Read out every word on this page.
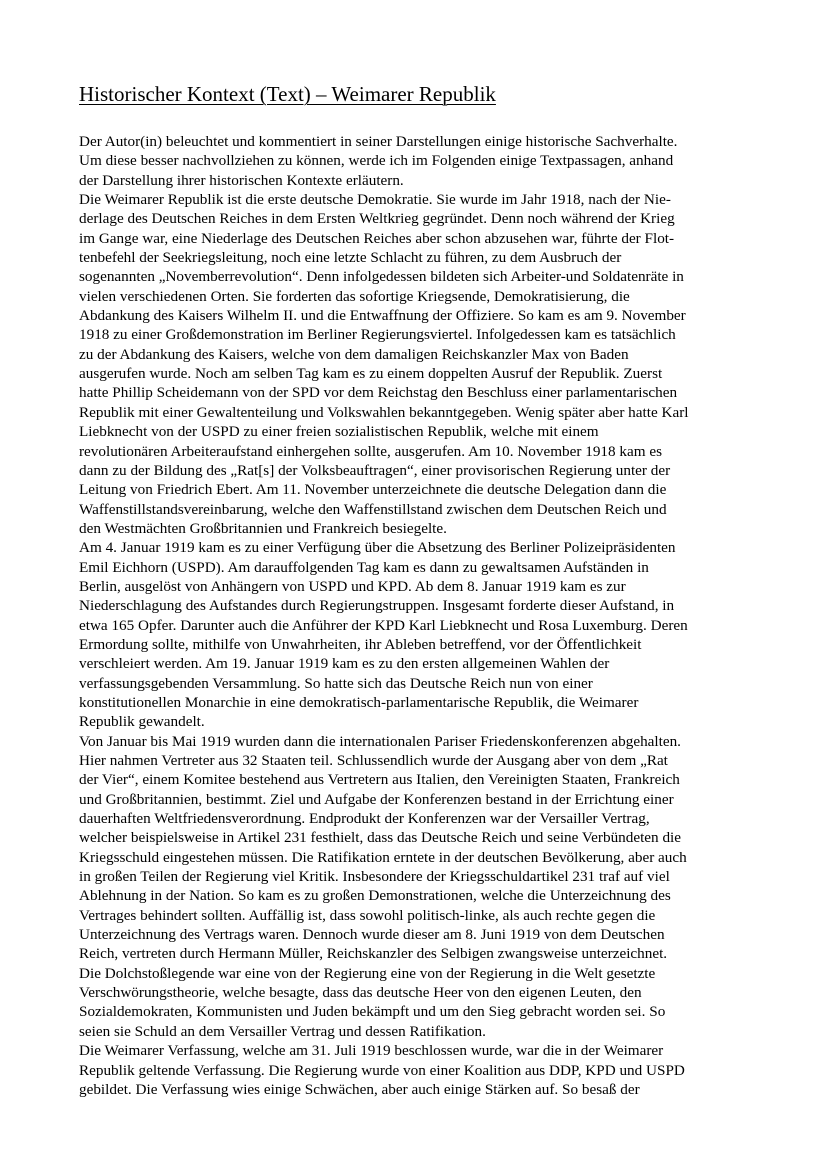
Historischer Kontext (Text) – Weimarer Republik
Der Autor(in) beleuchtet und kommentiert in seiner Darstellungen einige historische Sachverhalte.
Um diese besser nachvollziehen zu können, werde ich im Folgenden einige Textpassagen, anhand
der Darstellung ihrer historischen Kontexte erläutern.
Die Weimarer Republik ist die erste deutsche Demokratie. Sie wurde im Jahr 1918, nach der Nie-
derlage des Deutschen Reiches in dem Ersten Weltkrieg gegründet. Denn noch während der Krieg
im Gange war, eine Niederlage des Deutschen Reiches aber schon abzusehen war, führte der Flot-
tenbefehl der Seekriegsleitung, noch eine letzte Schlacht zu führen, zu dem Ausbruch der
sogenannten „Novemberrevolution“. Denn infolgedessen bildeten sich Arbeiter-und Soldatenräte in
vielen verschiedenen Orten. Sie forderten das sofortige Kriegsende, Demokratisierung, die
Abdankung des Kaisers Wilhelm II. und die Entwaffnung der Offiziere. So kam es am 9. November
1918 zu einer Großdemonstration im Berliner Regierungsviertel. Infolgedessen kam es tatsächlich
zu der Abdankung des Kaisers, welche von dem damaligen Reichskanzler Max von Baden
ausgerufen wurde. Noch am selben Tag kam es zu einem doppelten Ausruf der Republik. Zuerst
hatte Phillip Scheidemann von der SPD vor dem Reichstag den Beschluss einer parlamentarischen
Republik mit einer Gewaltenteilung und Volkswahlen bekanntgegeben. Wenig später aber hatte Karl
Liebknecht von der USPD zu einer freien sozialistischen Republik, welche mit einem
revolutionären Arbeiteraufstand einhergehen sollte, ausgerufen. Am 10. November 1918 kam es
dann zu der Bildung des „Rat[s] der Volksbeauftragen“, einer provisorischen Regierung unter der
Leitung von Friedrich Ebert. Am 11. November unterzeichnete die deutsche Delegation dann die
Waffenstillstandsvereinbarung, welche den Waffenstillstand zwischen dem Deutschen Reich und
den Westmächten Großbritannien und Frankreich besiegelte.
Am 4. Januar 1919 kam es zu einer Verfügung über die Absetzung des Berliner Polizeipräsidenten
Emil Eichhorn (USPD). Am darauffolgenden Tag kam es dann zu gewaltsamen Aufständen in
Berlin, ausgelöst von Anhängern von USPD und KPD. Ab dem 8. Januar 1919 kam es zur
Niederschlagung des Aufstandes durch Regierungstruppen. Insgesamt forderte dieser Aufstand, in
etwa 165 Opfer. Darunter auch die Anführer der KPD Karl Liebknecht und Rosa Luxemburg. Deren
Ermordung sollte, mithilfe von Unwahrheiten, ihr Ableben betreffend, vor der Öffentlichkeit
verschleiert werden. Am 19. Januar 1919 kam es zu den ersten allgemeinen Wahlen der
verfassungsgebenden Versammlung. So hatte sich das Deutsche Reich nun von einer
konstitutionellen Monarchie in eine demokratisch-parlamentarische Republik, die Weimarer
Republik gewandelt.
Von Januar bis Mai 1919 wurden dann die internationalen Pariser Friedenskonferenzen abgehalten.
Hier nahmen Vertreter aus 32 Staaten teil. Schlussendlich wurde der Ausgang aber von dem „Rat
der Vier“, einem Komitee bestehend aus Vertretern aus Italien, den Vereinigten Staaten, Frankreich
und Großbritannien, bestimmt. Ziel und Aufgabe der Konferenzen bestand in der Errichtung einer
dauerhaften Weltfriedensverordnung. Endprodukt der Konferenzen war der Versailler Vertrag,
welcher beispielsweise in Artikel 231 festhielt, dass das Deutsche Reich und seine Verbündeten die
Kriegsschuld eingestehen müssen. Die Ratifikation erntete in der deutschen Bevölkerung, aber auch
in großen Teilen der Regierung viel Kritik. Insbesondere der Kriegsschuldartikel 231 traf auf viel
Ablehnung in der Nation. So kam es zu großen Demonstrationen, welche die Unterzeichnung des
Vertrages behindert sollten. Auffällig ist, dass sowohl politisch-linke, als auch rechte gegen die
Unterzeichnung des Vertrags waren. Dennoch wurde dieser am 8. Juni 1919 von dem Deutschen
Reich, vertreten durch Hermann Müller, Reichskanzler des Selbigen zwangsweise unterzeichnet.
Die Dolchstoßlegende war eine von der Regierung eine von der Regierung in die Welt gesetzte
Verschwörungstheorie, welche besagte, dass das deutsche Heer von den eigenen Leuten, den
Sozialdemokraten, Kommunisten und Juden bekämpft und um den Sieg gebracht worden sei. So
seien sie Schuld an dem Versailler Vertrag und dessen Ratifikation.
Die Weimarer Verfassung, welche am 31. Juli 1919 beschlossen wurde, war die in der Weimarer
Republik geltende Verfassung. Die Regierung wurde von einer Koalition aus DDP, KPD und USPD
gebildet. Die Verfassung wies einige Schwächen, aber auch einige Stärken auf. So besaß der
